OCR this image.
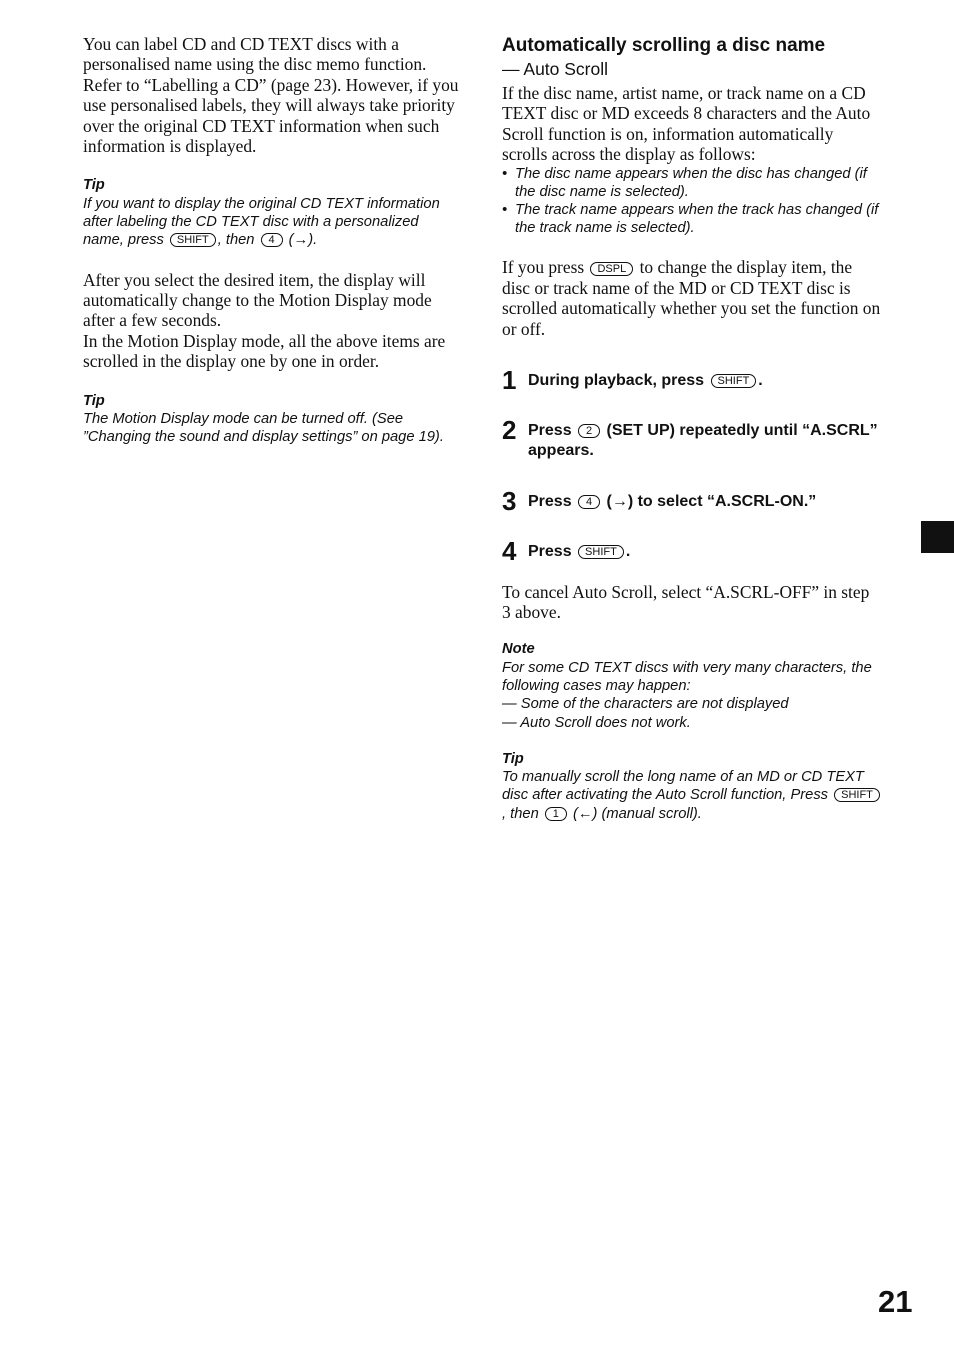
You can label CD and CD TEXT discs with a personalised name using the disc memo function. Refer to “Labelling a CD” (page 23). However, if you use personalised labels, they will always take priority over the original CD TEXT information when such information is displayed.

Tip
If you want to display the original CD TEXT information after labeling the CD TEXT disc with a personalized name, press SHIFT , then 4 (→).

After you select the desired item, the display will automatically change to the Motion Display mode after a few seconds.

In the Motion Display mode, all the above items are scrolled in the display one by one in order.

Tip
The Motion Display mode can be turned off. (See ”Changing the sound and display settings” on page 19).
Automatically scrolling a disc name
— Auto Scroll

If the disc name, artist name, or track name on a CD TEXT disc or MD exceeds 8 characters and the Auto Scroll function is on, information automatically scrolls across the display as follows:

• The disc name appears when the disc has changed (if the disc name is selected).
• The track name appears when the track has changed (if the track name is selected).

If you press DSPL to change the display item, the disc or track name of the MD or CD TEXT disc is scrolled automatically whether you set the function on or off.

1 During playback, press SHIFT .
2 Press 2 (SET UP) repeatedly until “A.SCRL” appears.
3 Press 4 (→) to select “A.SCRL-ON.”
4 Press SHIFT .

To cancel Auto Scroll, select “A.SCRL-OFF” in step 3 above.

Note
For some CD TEXT discs with very many characters, the following cases may happen:
— Some of the characters are not displayed
— Auto Scroll does not work.
Tip
To manually scroll the long name of an MD or CD TEXT disc after activating the Auto Scroll function, Press SHIFT, then 1 (←) (manual scroll).
21
